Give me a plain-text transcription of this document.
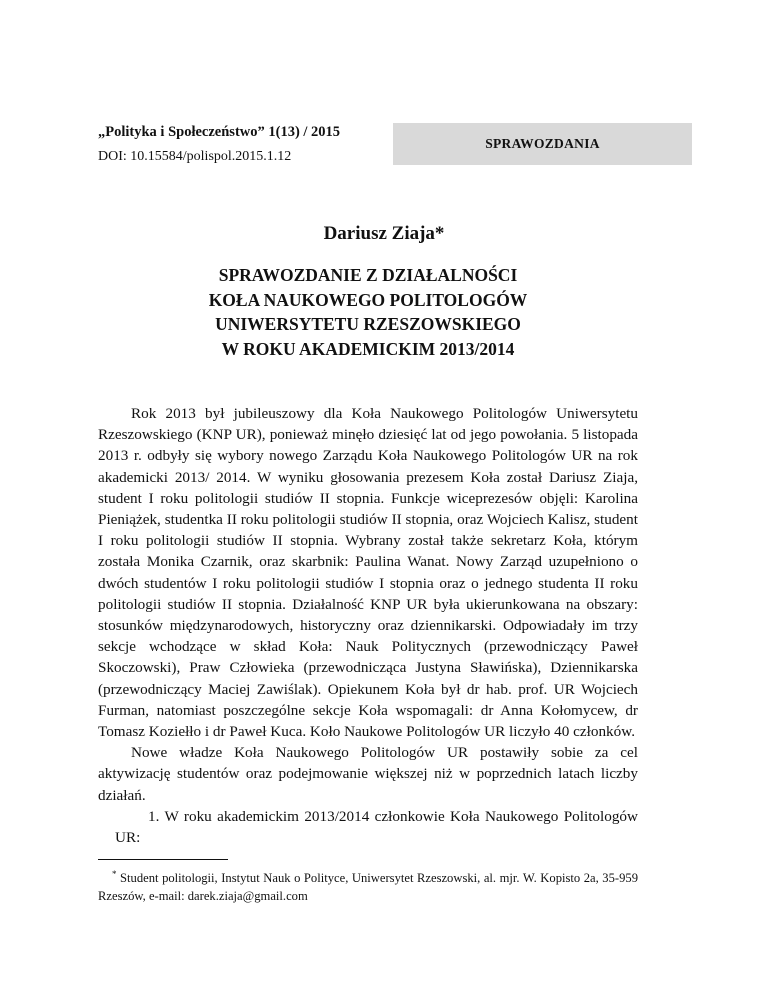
„Polityka i Społeczeństwo” 1(13) / 2015
DOI: 10.15584/polispol.2015.1.12
SPRAWOZDANIA
Dariusz Ziaja*
SPRAWOZDANIE Z DZIAŁALNOŚCI
KOŁA NAUKOWEGO POLITOLOGÓW
UNIWERSYTETU RZESZOWSKIEGO
W ROKU AKADEMICKIM 2013/2014

Rok 2013 był jubileuszowy dla Koła Naukowego Politologów Uniwersytetu Rzeszowskiego (KNP UR), ponieważ minęło dziesięć lat od jego powołania. 5 listopada 2013 r. odbyły się wybory nowego Zarządu Koła Naukowego Politologów UR na rok akademicki 2013/ 2014. W wyniku głosowania prezesem Koła został Dariusz Ziaja, student I roku politologii studiów II stopnia. Funkcje wiceprezesów objęli: Karolina Pieniążek, studentka II roku politologii studiów II stopnia, oraz Wojciech Kalisz, student I roku politologii studiów II stopnia. Wybrany został także sekretarz Koła, którym została Monika Czarnik, oraz skarbnik: Paulina Wanat. Nowy Zarząd uzupełniono o dwóch studentów I roku politologii studiów I stopnia oraz o jednego studenta II roku politologii studiów II stopnia. Działalność KNP UR była ukierunkowana na obszary: stosunków międzynarodowych, historyczny oraz dziennikarski. Odpowiadały im trzy sekcje wchodzące w skład Koła: Nauk Politycznych (przewodniczący Paweł Skoczowski), Praw Człowieka (przewodnicząca Justyna Sławińska), Dziennikarska (przewodniczący Maciej Zawiślak). Opiekunem Koła był dr hab. prof. UR Wojciech Furman, natomiast poszczególne sekcje Koła wspomagali: dr Anna Kołomycew, dr Tomasz Koziełło i dr Paweł Kuca. Koło Naukowe Politologów UR liczyło 40 członków.

Nowe władze Koła Naukowego Politologów UR postawiły sobie za cel aktywizację studentów oraz podejmowanie większej niż w poprzednich latach liczby działań.

1. W roku akademickim 2013/2014 członkowie Koła Naukowego Politologów UR:

* Student politologii, Instytut Nauk o Polityce, Uniwersytet Rzeszowski, al. mjr. W. Kopisto 2a, 35-959 Rzeszów, e-mail: darek.ziaja@gmail.com
